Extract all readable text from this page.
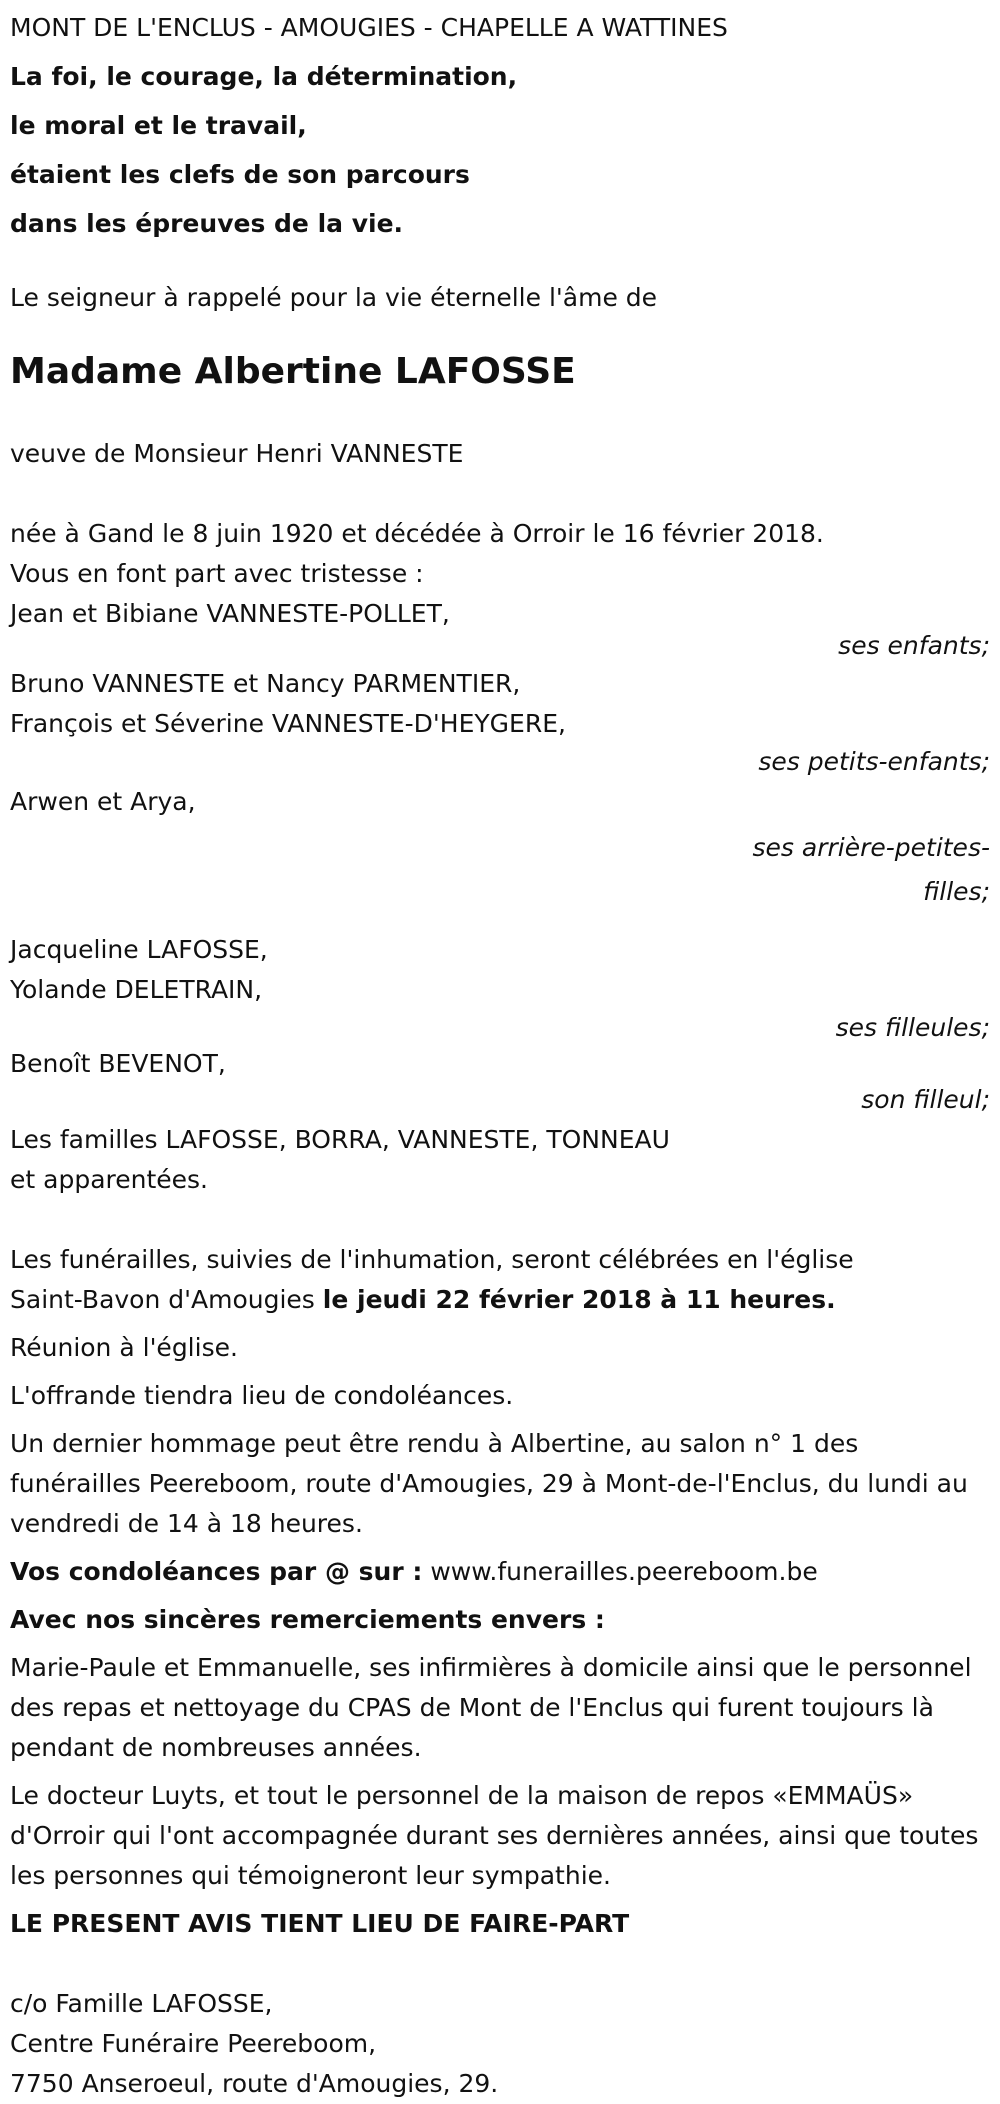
MONT DE L'ENCLUS - AMOUGIES - CHAPELLE A WATTINES

La foi, le courage, la détermination,

le moral et le travail,

étaient les clefs de son parcours

dans les épreuves de la vie.

Le seigneur à rappelé pour la vie éternelle l'âme de

Madame Albertine LAFOSSE

veuve de Monsieur Henri VANNESTE

née à Gand le 8 juin 1920 et décédée à Orroir le 16 février 2018.

Vous en font part avec tristesse :

Jean et Bibiane VANNESTE-POLLET,

ses enfants;

Bruno VANNESTE et Nancy PARMENTIER,

François et Séverine VANNESTE-D'HEYGERE,

ses petits-enfants;

Arwen et Arya,

ses arrière-petites-

filles;

Jacqueline LAFOSSE,

Yolande DELETRAIN,

ses filleules;

Benoît BEVENOT,

son filleul;

Les familles LAFOSSE, BORRA, VANNESTE, TONNEAU

et apparentées.

Les funérailles, suivies de l'inhumation, seront célébrées en l'église

Saint-Bavon d'Amougies le jeudi 22 février 2018 à 11 heures.

Réunion à l'église.

L'offrande tiendra lieu de condoléances.

Un dernier hommage peut être rendu à Albertine, au salon n° 1 des funérailles Peereboom, route d'Amougies, 29 à Mont-de-l'Enclus, du lundi au vendredi de 14 à 18 heures.

Vos condoléances par @ sur : www.funerailles.peereboom.be

Avec nos sincères remerciements envers :

Marie-Paule et Emmanuelle, ses infirmières à domicile ainsi que le personnel des repas et nettoyage du CPAS de Mont de l'Enclus qui furent toujours là pendant de nombreuses années.

Le docteur Luyts, et tout le personnel de la maison de repos «EMMAÜS» d'Orroir qui l'ont accompagnée durant ses dernières années, ainsi que toutes les personnes qui témoigneront leur sympathie.

LE PRESENT AVIS TIENT LIEU DE FAIRE-PART

c/o Famille LAFOSSE,

Centre Funéraire Peereboom,

7750 Anseroeul, route d'Amougies, 29.
